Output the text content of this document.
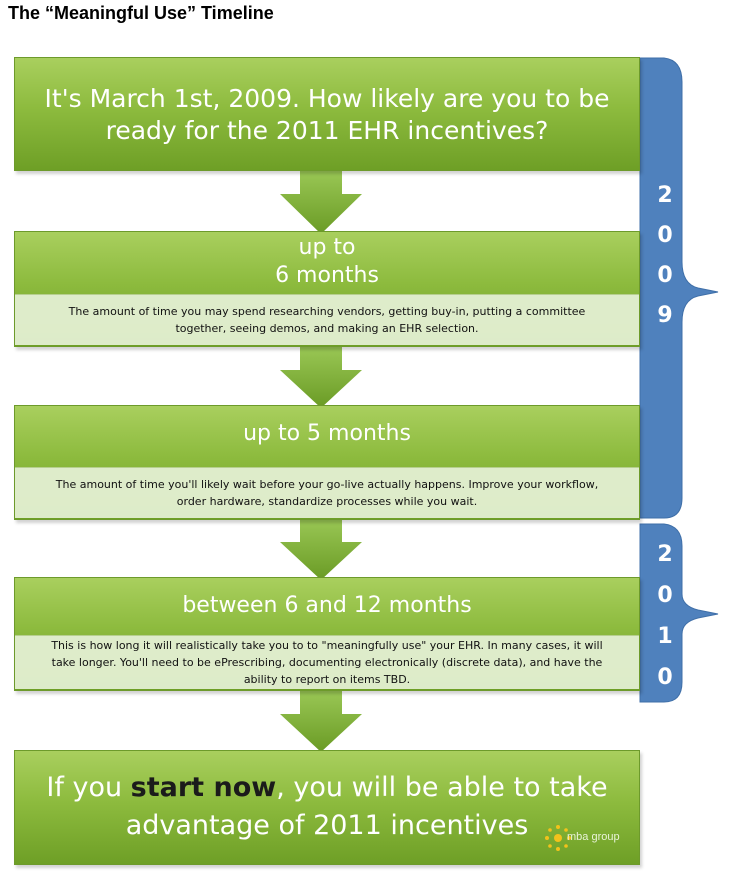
The “Meaningful Use” Timeline
2
0
0
9
2
0
1
0
It's March 1st, 2009. How likely are you to be
ready for the 2011 EHR incentives?
up to
6 months
The amount of time you may spend researching vendors, getting buy-in, putting a committee
together, seeing demos, and making an EHR selection.
up to 5 months
The amount of time you'll likely wait before your go-live actually happens. Improve your workflow,
order hardware, standardize processes while you wait.
between 6 and 12 months
This is how long it will realistically take you to to "meaningfully use" your EHR. In many cases, it will
take longer. You'll need to be ePrescribing, documenting electronically (discrete data), and have the
ability to report on items TBD.
If you start now, you will be able to take
advantage of 2011 incentives	mba group
